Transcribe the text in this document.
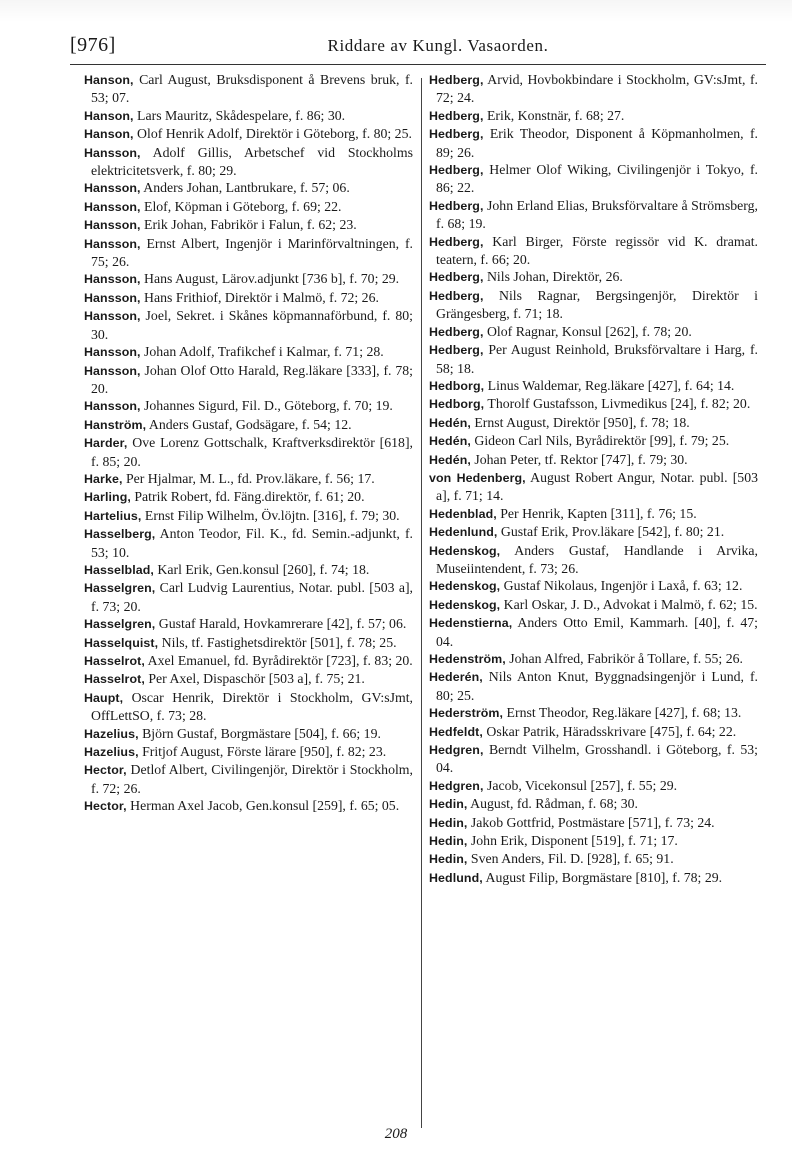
[976]	Riddare av Kungl. Vasaorden.

Hanson, Carl August, Bruksdisponent å Brevens bruk, f. 53; 07.

Hanson, Lars Mauritz, Skådespelare, f. 86; 30.

Hanson, Olof Henrik Adolf, Direktör i Göteborg, f. 80; 25.

Hansson, Adolf Gillis, Arbetschef vid Stockholms elektricitetsverk, f. 80; 29.

Hansson, Anders Johan, Lantbrukare, f. 57; 06.

Hansson, Elof, Köpman i Göteborg, f. 69; 22.

Hansson, Erik Johan, Fabrikör i Falun, f. 62; 23.

Hansson, Ernst Albert, Ingenjör i Marinförvaltningen, f. 75; 26.

Hansson, Hans August, Lärov.adjunkt [736 b], f. 70; 29.

Hansson, Hans Frithiof, Direktör i Malmö, f. 72; 26.

Hansson, Joel, Sekret. i Skånes köpmannaförbund, f. 80; 30.

Hansson, Johan Adolf, Trafikchef i Kalmar, f. 71; 28.

Hansson, Johan Olof Otto Harald, Reg.läkare [333], f. 78; 20.

Hansson, Johannes Sigurd, Fil. D., Göteborg, f. 70; 19.

Hanström, Anders Gustaf, Godsägare, f. 54; 12.

Harder, Ove Lorenz Gottschalk, Kraftverksdirektör [618], f. 85; 20.

Harke, Per Hjalmar, M. L., fd. Prov.läkare, f. 56; 17.

Harling, Patrik Robert, fd. Fäng.direktör, f. 61; 20.

Hartelius, Ernst Filip Wilhelm, Öv.löjtn. [316], f. 79; 30.

Hasselberg, Anton Teodor, Fil. K., fd. Semin.-adjunkt, f. 53; 10.

Hasselblad, Karl Erik, Gen.konsul [260], f. 74; 18.

Hasselgren, Carl Ludvig Laurentius, Notar. publ. [503 a], f. 73; 20.

Hasselgren, Gustaf Harald, Hovkamrerare [42], f. 57; 06.

Hasselquist, Nils, tf. Fastighetsdirektör [501], f. 78; 25.

Hasselrot, Axel Emanuel, fd. Byrådirektör [723], f. 83; 20.

Hasselrot, Per Axel, Dispaschör [503 a], f. 75; 21.

Haupt, Oscar Henrik, Direktör i Stockholm, GV:sJmt, OffLettSO, f. 73; 28.

Hazelius, Björn Gustaf, Borgmästare [504], f. 66; 19.

Hazelius, Fritjof August, Förste lärare [950], f. 82; 23.

Hector, Detlof Albert, Civilingenjör, Direktör i Stockholm, f. 72; 26.

Hector, Herman Axel Jacob, Gen.konsul [259], f. 65; 05.

Hedberg, Arvid, Hovbokbindare i Stockholm, GV:sJmt, f. 72; 24.

Hedberg, Erik, Konstnär, f. 68; 27.

Hedberg, Erik Theodor, Disponent å Köpmanholmen, f. 89; 26.

Hedberg, Helmer Olof Wiking, Civilingenjör i Tokyo, f. 86; 22.

Hedberg, John Erland Elias, Bruksförvaltare å Strömsberg, f. 68; 19.

Hedberg, Karl Birger, Förste regissör vid K. dramat. teatern, f. 66; 20.

Hedberg, Nils Johan, Direktör, 26.

Hedberg, Nils Ragnar, Bergsingenjör, Direktör i Grängesberg, f. 71; 18.

Hedberg, Olof Ragnar, Konsul [262], f. 78; 20.

Hedberg, Per August Reinhold, Bruksförvaltare i Harg, f. 58; 18.

Hedborg, Linus Waldemar, Reg.läkare [427], f. 64; 14.

Hedborg, Thorolf Gustafsson, Livmedikus [24], f. 82; 20.

Hedén, Ernst August, Direktör [950], f. 78; 18.

Hedén, Gideon Carl Nils, Byrådirektör [99], f. 79; 25.

Hedén, Johan Peter, tf. Rektor [747], f. 79; 30.

von Hedenberg, August Robert Angur, Notar. publ. [503 a], f. 71; 14.

Hedenblad, Per Henrik, Kapten [311], f. 76; 15.

Hedenlund, Gustaf Erik, Prov.läkare [542], f. 80; 21.

Hedenskog, Anders Gustaf, Handlande i Arvika, Museiintendent, f. 73; 26.

Hedenskog, Gustaf Nikolaus, Ingenjör i Laxå, f. 63; 12.

Hedenskog, Karl Oskar, J. D., Advokat i Malmö, f. 62; 15.

Hedenstierna, Anders Otto Emil, Kammarh. [40], f. 47; 04.

Hedenström, Johan Alfred, Fabrikör å Tollare, f. 55; 26.

Hederén, Nils Anton Knut, Byggnadsingenjör i Lund, f. 80; 25.

Hederström, Ernst Theodor, Reg.läkare [427], f. 68; 13.

Hedfeldt, Oskar Patrik, Häradsskrivare [475], f. 64; 22.

Hedgren, Berndt Vilhelm, Grosshandl. i Göteborg, f. 53; 04.

Hedgren, Jacob, Vicekonsul [257], f. 55; 29.

Hedin, August, fd. Rådman, f. 68; 30.

Hedin, Jakob Gottfrid, Postmästare [571], f. 73; 24.

Hedin, John Erik, Disponent [519], f. 71; 17.

Hedin, Sven Anders, Fil. D. [928], f. 65; 91.

Hedlund, August Filip, Borgmästare [810], f. 78; 29.

208
